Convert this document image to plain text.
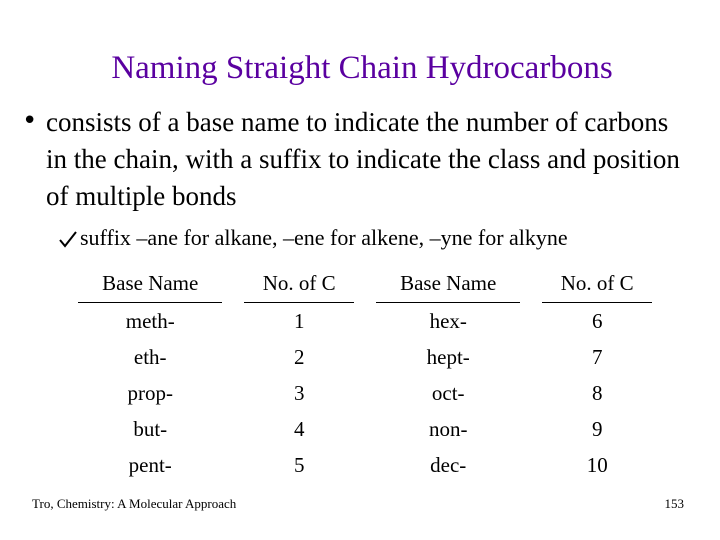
Naming Straight Chain Hydrocarbons
• consists of a base name to indicate the number of carbons in the chain, with a suffix to indicate the class and position of multiple bonds
suffix –ane for alkane, –ene for alkene, –yne for alkyne
Base Name		No. of C		Base Name		No. of C
meth-		1		hex-		6
eth-		2		hept-		7
prop-		3		oct-		8
but-		4		non-		9
pent-		5		dec-		10
Tro, Chemistry: A Molecular Approach	153
